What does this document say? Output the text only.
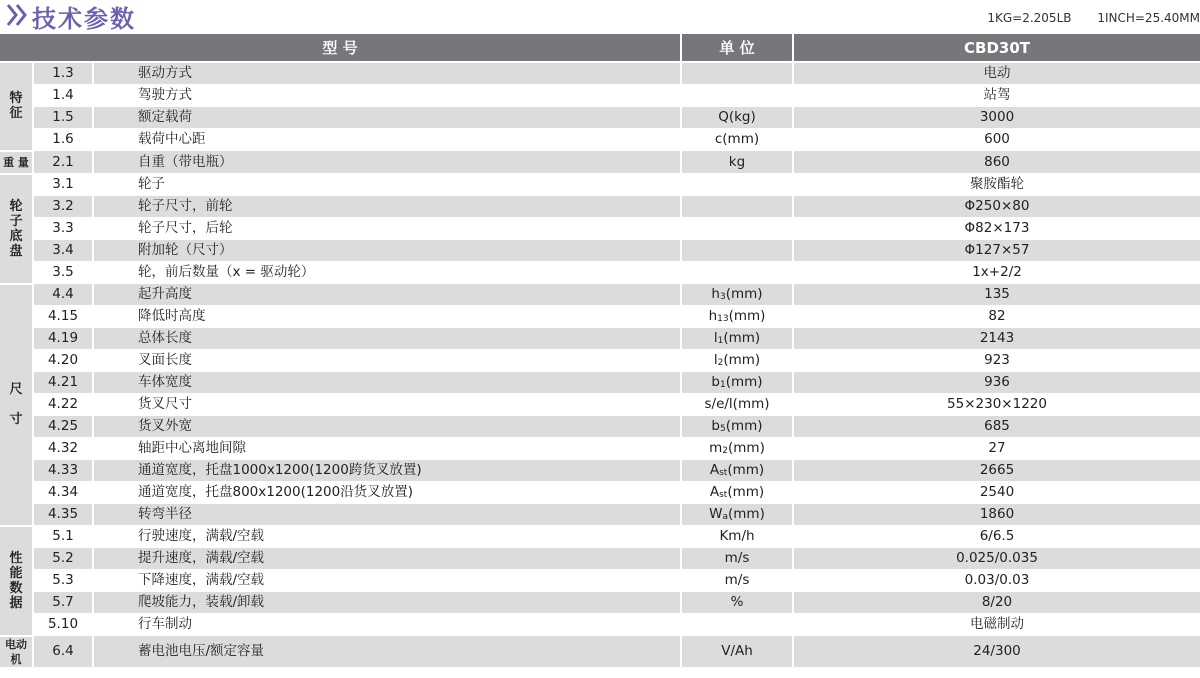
技术参数	1KG=2.205LB 1INCH=25.40MM
型 号			单 位	CBD30T
特
征	1.3	驱动方式		电动
	1.4	驾驶方式		站驾
	1.5	额定载荷	Q(kg)	3000
	1.6	载荷中心距	c(mm)	600
重 量	2.1	自重（带电瓶）	kg	860
轮
子
底
盘	3.1	轮子		聚胺酯轮
	3.2	轮子尺寸，前轮		Φ250×80
	3.3	轮子尺寸，后轮		Φ82×173
	3.4	附加轮（尺寸）		Φ127×57
	3.5	轮，前后数量（x = 驱动轮）		1x+2/2
尺

寸	4.4	起升高度	$h_3(mm)$	135
	4.15	降低时高度	$h_{13}(mm)$	82
	4.19	总体长度	$l_1(mm)$	2143
	4.20	叉面长度	$l_2(mm)$	923
	4.21	车体宽度	$b_1(mm)$	936
	4.22	货叉尺寸	s/e/l(mm)	55×230×1220
	4.25	货叉外宽	$b_5(mm)$	685
	4.32	轴距中心离地间隙	$m_2(mm)$	27
	4.33	通道宽度，托盘1000x1200(1200跨货叉放置)	$A_{st}(mm)$	2665
	4.34	通道宽度，托盘800x1200(1200沿货叉放置)	$A_{st}(mm)$	2540
	4.35	转弯半径	$W_a(mm)$	1860
性
能
数
据	5.1	行驶速度，满载/空载	Km/h	6/6.5
	5.2	提升速度，满载/空载	m/s	0.025/0.035
	5.3	下降速度，满载/空载	m/s	0.03/0.03
	5.7	爬坡能力，装载/卸载	%	8/20
	5.10	行车制动		电磁制动
电动机	6.4	蓄电池电压/额定容量	V/Ah	24/300
